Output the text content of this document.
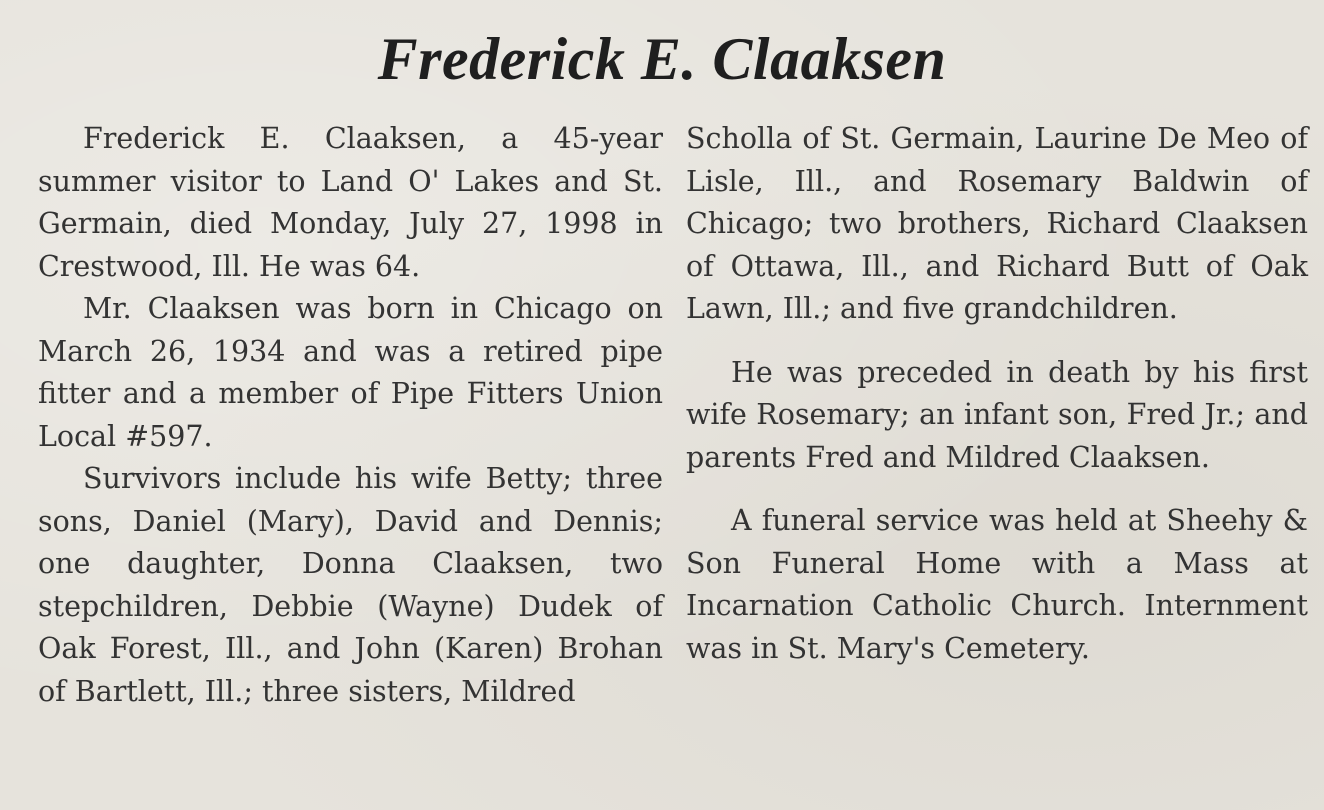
Frederick E. Claaksen

Frederick E. Claaksen, a 45-year summer visitor to Land O' Lakes and St. Germain, died Monday, July 27, 1998 in Crestwood, Ill. He was 64.

Mr. Claaksen was born in Chicago on March 26, 1934 and was a retired pipe fitter and a member of Pipe Fitters Union Local #597.

Survivors include his wife Betty; three sons, Daniel (Mary), David and Dennis; one daughter, Donna Claaksen, two stepchildren, Debbie (Wayne) Dudek of Oak Forest, Ill., and John (Karen) Brohan of Bartlett, Ill.; three sisters, Mildred

Scholla of St. Germain, Laurine De Meo of Lisle, Ill., and Rosemary Baldwin of Chicago; two brothers, Richard Claaksen of Ottawa, Ill., and Richard Butt of Oak Lawn, Ill.; and five grandchildren.

He was preceded in death by his first wife Rosemary; an infant son, Fred Jr.; and parents Fred and Mildred Claaksen.

A funeral service was held at Sheehy & Son Funeral Home with a Mass at Incarnation Catholic Church. Internment was in St. Mary's Cemetery.
